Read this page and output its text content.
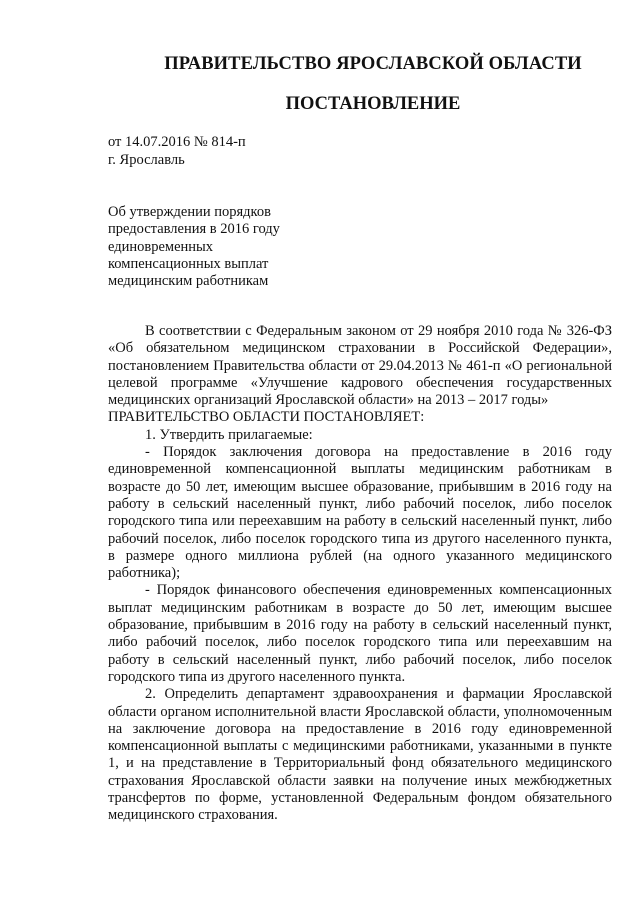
ПРАВИТЕЛЬСТВО ЯРОСЛАВСКОЙ ОБЛАСТИ
ПОСТАНОВЛЕНИЕ
от 14.07.2016 № 814-п
г. Ярославль
Об утверждении порядков
предоставления в 2016 году
единовременных
компенсационных выплат
медицинским работникам

В соответствии с Федеральным законом от 29 ноября 2010 года № 326-ФЗ «Об обязательном медицинском страховании в Российской Федерации», постановлением Правительства области от 29.04.2013 № 461-п «О региональной целевой программе «Улучшение кадрового обеспечения государственных медицинских организаций Ярославской области» на 2013 – 2017 годы»

ПРАВИТЕЛЬСТВО ОБЛАСТИ ПОСТАНОВЛЯЕТ:

1. Утвердить прилагаемые:

- Порядок заключения договора на предоставление в 2016 году единовременной компенсационной выплаты медицинским работникам в возрасте до 50 лет, имеющим высшее образование, прибывшим в 2016 году на работу в сельский населенный пункт, либо рабочий поселок, либо поселок городского типа или переехавшим на работу в сельский населенный пункт, либо рабочий поселок, либо поселок городского типа из другого населенного пункта, в размере одного миллиона рублей (на одного указанного медицинского работника);

- Порядок финансового обеспечения единовременных компенсационных выплат медицинским работникам в возрасте до 50 лет, имеющим высшее образование, прибывшим в 2016 году на работу в сельский населенный пункт, либо рабочий поселок, либо поселок городского типа или переехавшим на работу в сельский населенный пункт, либо рабочий поселок, либо поселок городского типа из другого населенного пункта.

2. Определить департамент здравоохранения и фармации Ярославской области органом исполнительной власти Ярославской области, уполномоченным на заключение договора на предоставление в 2016 году единовременной компенсационной выплаты с медицинскими работниками, указанными в пункте 1, и на представление в Территориальный фонд обязательного медицинского страхования Ярославской области заявки на получение иных межбюджетных трансфертов по форме, установленной Федеральным фондом обязательного медицинского страхования.
